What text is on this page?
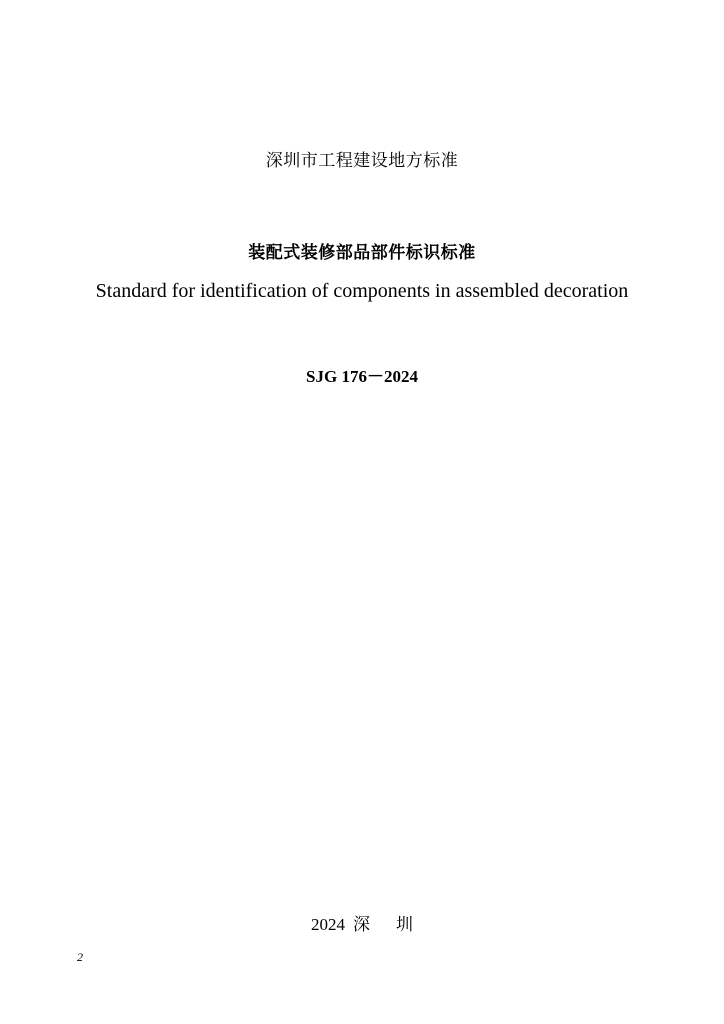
深圳市工程建设地方标准
装配式装修部品部件标识标准
Standard for identification of components in assembled decoration
SJG 176－2024
2024 深 圳
2
